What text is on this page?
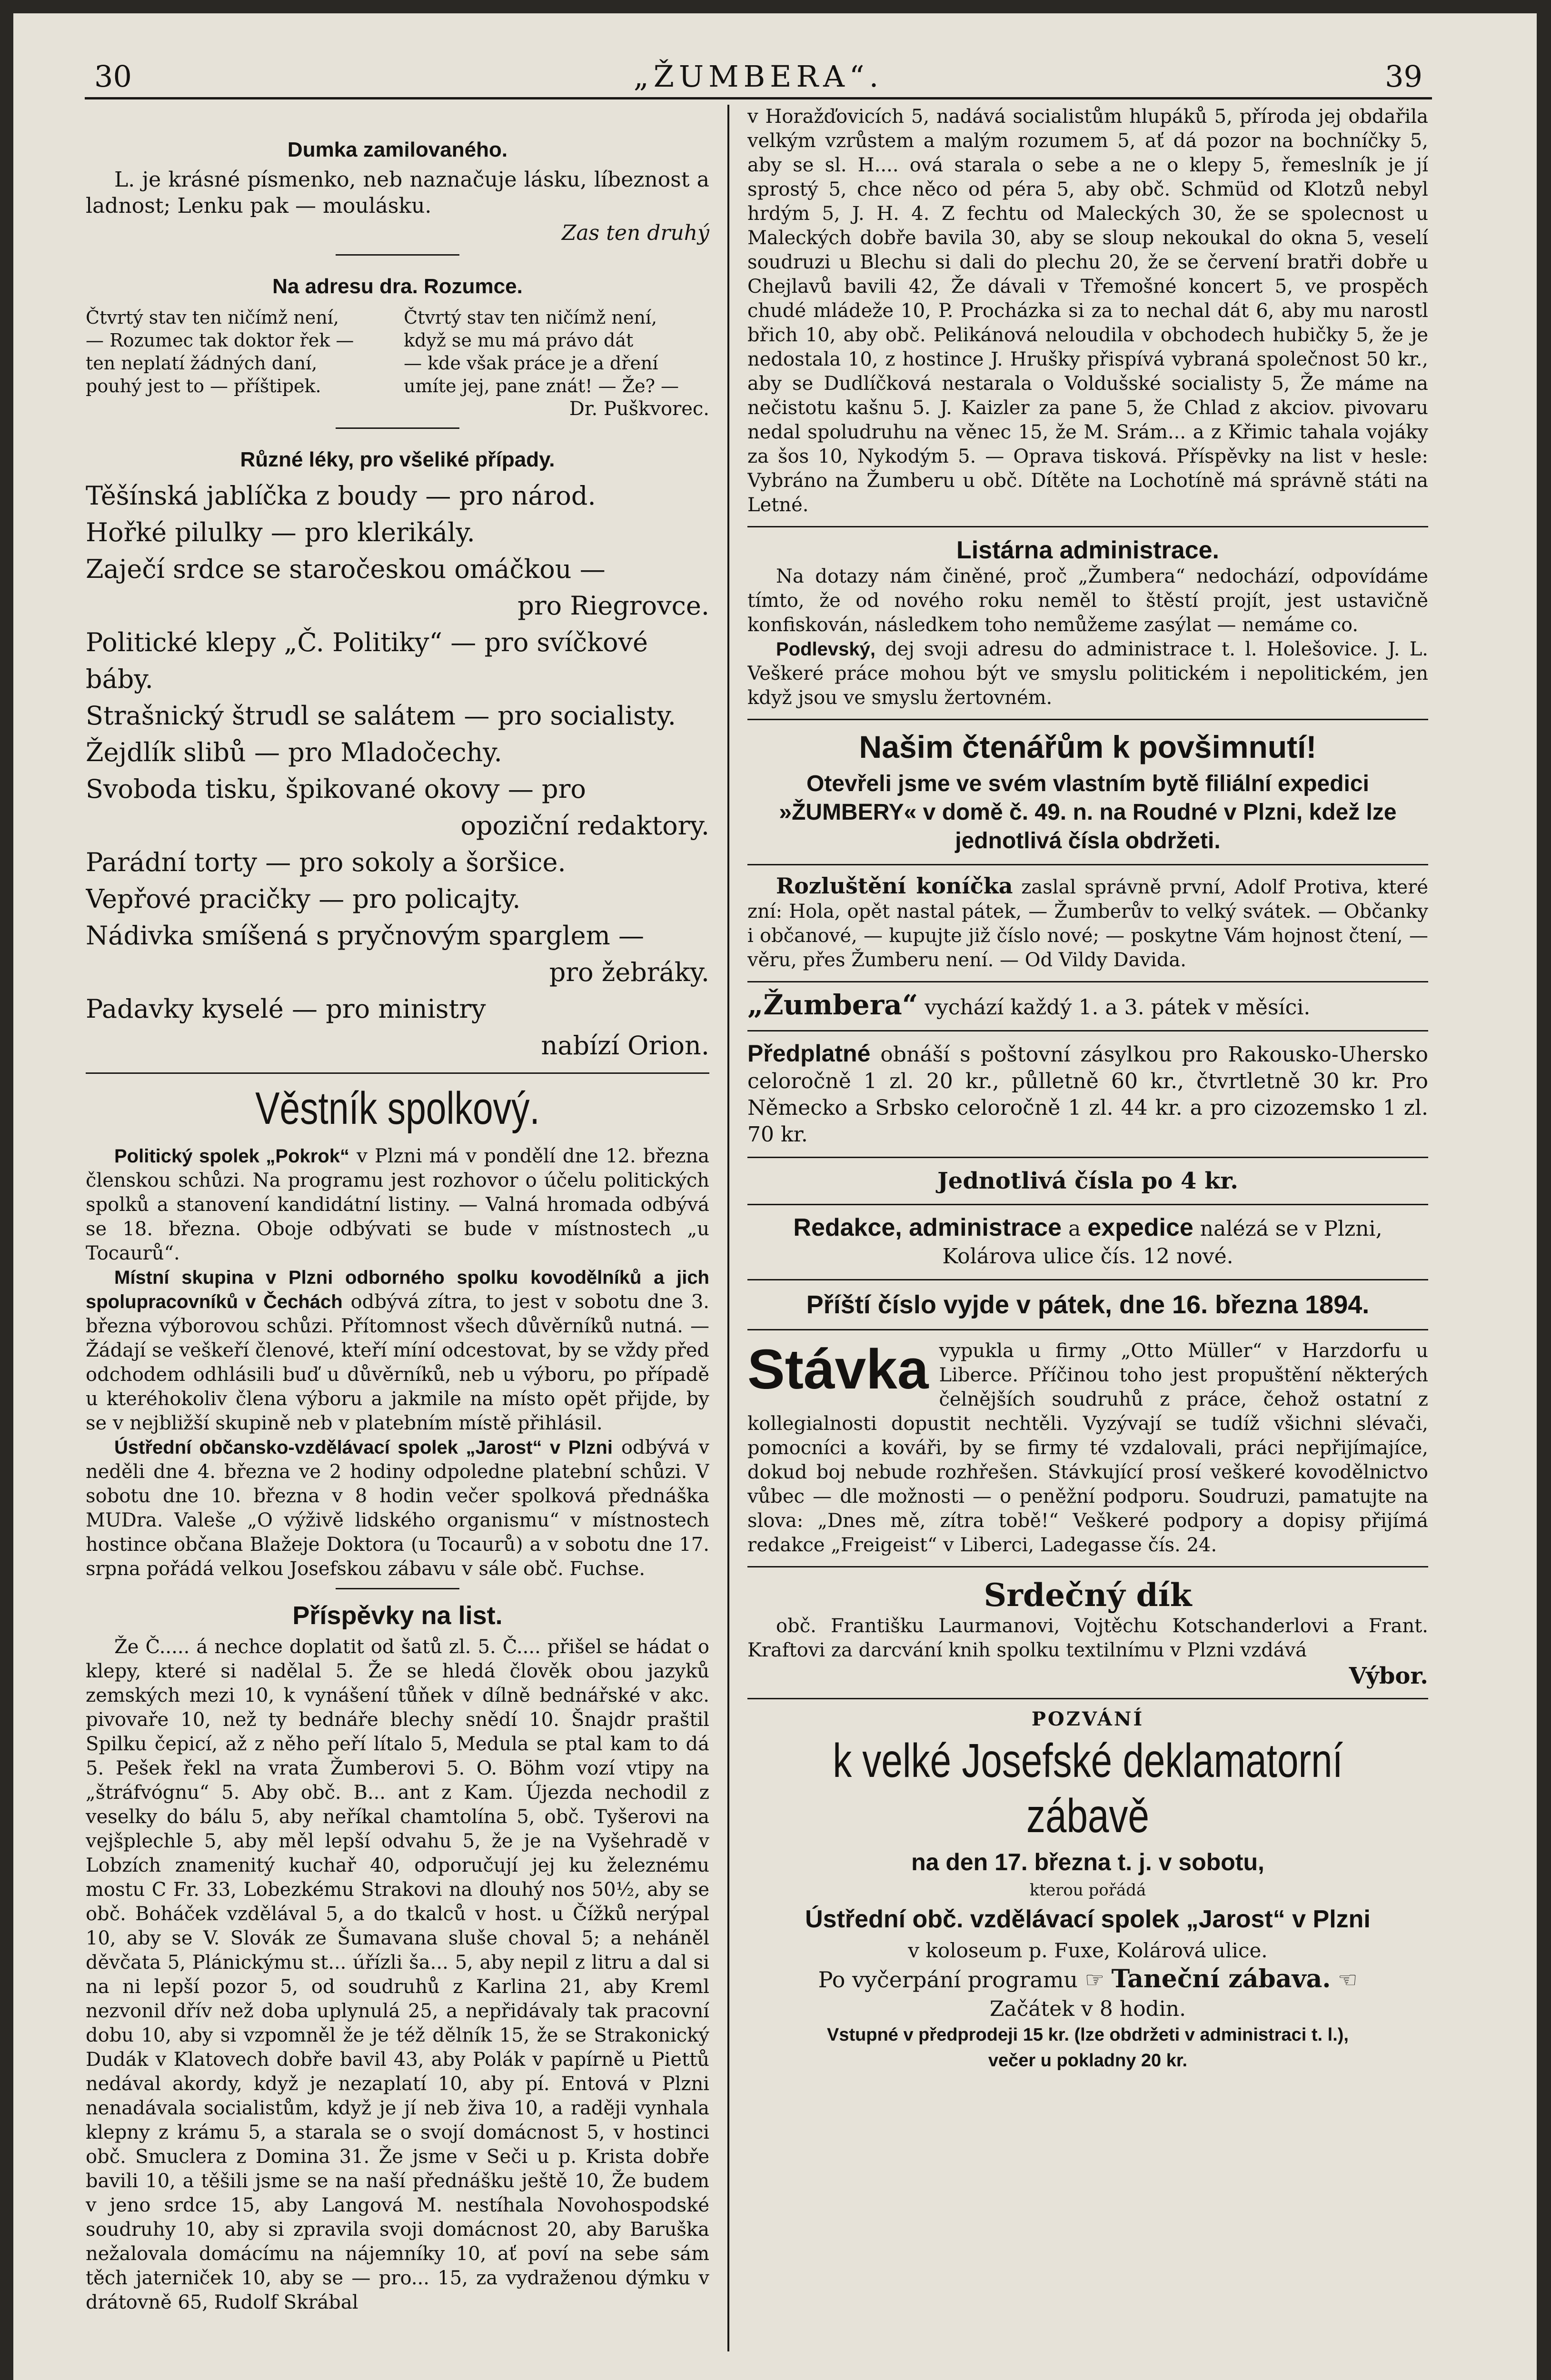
30	„ŽUMBERA“.	39
Dumka zamilovaného.

L. je krásné písmenko, neb naznačuje lásku, líbeznost a ladnost; Lenku pak — moulásku.

Zas ten druhý

Na adresu dra. Rozumce.
Čtvrtý stav ten ničímž není,
— Rozumec tak doktor řek —
ten neplatí žádných daní,
pouhý jest to — příštipek.
Čtvrtý stav ten ničímž není,
když se mu má právo dát
— kde však práce je a dření
umíte jej, pane znát! — Že? —

Dr. Puškvorec.

Různé léky, pro všeliké případy.

Těšínská jablíčka z boudy — pro národ.

Hořké pilulky — pro klerikály.

Zaječí srdce se staročeskou omáčkou —

pro Riegrovce.

Politické klepy „Č. Politiky“ — pro svíčkové báby.

Strašnický štrudl se salátem — pro socialisty.

Žejdlík slibů — pro Mladočechy.

Svoboda tisku, špikované okovy — pro

opoziční redaktory.

Parádní torty — pro sokoly a šoršice.

Vepřové pracičky — pro policajty.

Nádivka smíšená s pryčnovým sparglem —

pro žebráky.

Padavky kyselé — pro ministry

nabízí Orion.

Věstník spolkový.

Politický spolek „Pokrok“ v Plzni má v pondělí dne 12. března členskou schůzi. Na programu jest rozhovor o účelu politických spolků a stanovení kandidátní listiny. — Valná hromada odbývá se 18. března. Oboje odbývati se bude v místnostech „u Tocaurů“.

Místní skupina v Plzni odborného spolku kovodělníků a jich spolupracovníků v Čechách odbývá zítra, to jest v sobotu dne 3. března výborovou schůzi. Přítomnost všech důvěrníků nutná. — Žádají se veškeří členové, kteří míní odcestovat, by se vždy před odchodem odhlásili buď u důvěrníků, neb u výboru, po případě u kteréhokoliv člena výboru a jakmile na místo opět přijde, by se v nejbližší skupině neb v platebním místě přihlásil.

Ústřední občansko-vzdělávací spolek „Jarost“ v Plzni odbývá v neděli dne 4. března ve 2 hodiny odpoledne platební schůzi. V sobotu dne 10. března v 8 hodin večer spolková přednáška MUDra. Valeše „O výživě lidského organismu“ v místnostech hostince občana Blažeje Doktora (u Tocaurů) a v sobotu dne 17. srpna pořádá velkou Josefskou zábavu v sále obč. Fuchse.

Příspěvky na list.

Že Č..... á nechce doplatit od šatů zl. 5. Č.... přišel se hádat o klepy, které si nadělal 5. Že se hledá člověk obou jazyků zemských mezi 10, k vynášení tůňek v dílně bednářské v akc. pivovaře 10, než ty bednáře blechy snědí 10. Šnajdr praštil Spilku čepicí, až z něho peří lítalo 5, Medula se ptal kam to dá 5. Pešek řekl na vrata Žumberovi 5. O. Böhm vozí vtipy na „štráfvógnu“ 5. Aby obč. B... ant z Kam. Újezda nechodil z veselky do bálu 5, aby neříkal chamtolína 5, obč. Tyšerovi na vejšplechle 5, aby měl lepší odvahu 5, že je na Vyšehradě v Lobzích znamenitý kuchař 40, odporučují jej ku železnému mostu C Fr. 33, Lobezkému Strakovi na dlouhý nos 50½, aby se obč. Boháček vzdělával 5, a do tkalců v host. u Čížků nerýpal 10, aby se V. Slovák ze Šumavana sluše choval 5; a neháněl děvčata 5, Plánickýmu st... úřízli ša... 5, aby nepil z litru a dal si na ni lepší pozor 5, od soudruhů z Karlina 21, aby Kreml nezvonil dřív než doba uplynulá 25, a nepřidávaly tak pracovní dobu 10, aby si vzpomněl že je též dělník 15, že se Strakonický Dudák v Klatovech dobře bavil 43, aby Polák v papírně u Piettů nedával akordy, když je nezaplatí 10, aby pí. Entová v Plzni nenadávala socialistům, když je jí neb živa 10, a raději vynhala klepny z krámu 5, a starala se o svojí domácnost 5, v hostinci obč. Smuclera z Domina 31. Že jsme v Seči u p. Krista dobře bavili 10, a těšili jsme se na naší přednášku ještě 10, Že budem v jeno srdce 15, aby Langová M. nestíhala Novohospodské soudruhy 10, aby si zpravila svoji domácnost 20, aby Baruška nežalovala domácímu na nájemníky 10, ať poví na sebe sám těch jaterniček 10, aby se — pro... 15, za vydraženou dýmku v drátovně 65, Rudolf Skrábal

v Horažďovicích 5, nadává socialistům hlupáků 5, příroda jej obdařila velkým vzrůstem a malým rozumem 5, ať dá pozor na bochníčky 5, aby se sl. H.... ová starala o sebe a ne o klepy 5, řemeslník je jí sprostý 5, chce něco od péra 5, aby obč. Schmüd od Klotzů nebyl hrdým 5, J. H. 4. Z fechtu od Maleckých 30, že se spolecnost u Maleckých dobře bavila 30, aby se sloup nekoukal do okna 5, veselí soudruzi u Blechu si dali do plechu 20, že se červení bratři dobře u Chejlavů bavili 42, Že dávali v Třemošné koncert 5, ve prospěch chudé mládeže 10, P. Procházka si za to nechal dát 6, aby mu narostl břich 10, aby obč. Pelikánová neloudila v obchodech hubičky 5, že je nedostala 10, z hostince J. Hrušky přispívá vybraná společnost 50 kr., aby se Dudlíčková nestarala o Voldušské socialisty 5, Že máme na nečistotu kašnu 5. J. Kaizler za pane 5, že Chlad z akciov. pivovaru nedal spoludruhu na věnec 15, že M. Srám... a z Křimic tahala vojáky za šos 10, Nykodým 5. — Oprava tisková. Příspěvky na list v hesle: Vybráno na Žumberu u obč. Dítěte na Lochotíně má správně státi na Letné.

Listárna administrace.

Na dotazy nám činěné, proč „Žumbera“ nedochází, odpovídáme tímto, že od nového roku neměl to štěstí projít, jest ustavičně konfiskován, následkem toho nemůžeme zasýlat — nemáme co.

Podlevský, dej svoji adresu do administrace t. l. Holešovice. J. L. Veškeré práce mohou být ve smyslu politickém i nepolitickém, jen když jsou ve smyslu žertovném.

Našim čtenářům k povšimnutí!

Otevřeli jsme ve svém vlastním bytě filiální expedici »ŽUMBERY« v domě č. 49. n. na Roudné v Plzni, kdež lze jednotlivá čísla obdržeti.

Rozluštění koníčka zaslal správně první, Adolf Protiva, které zní: Hola, opět nastal pátek, — Žumberův to velký svátek. — Občanky i občanové, — kupujte již číslo nové; — poskytne Vám hojnost čtení, — věru, přes Žumberu není. — Od Vildy Davida.

„Žumbera“ vychází každý 1. a 3. pátek v měsíci.

Předplatné obnáší s poštovní zásylkou pro Rakousko-Uhersko celoročně 1 zl. 20 kr., půlletně 60 kr., čtvrtletně 30 kr. Pro Německo a Srbsko celoročně 1 zl. 44 kr. a pro cizozemsko 1 zl. 70 kr.

Jednotlivá čísla po 4 kr.

Redakce, administrace a expedice nalézá se v Plzni, Kolárova ulice čís. 12 nové.

Příští číslo vyjde v pátek, dne 16. března 1894.

Stávka vypukla u firmy „Otto Müller“ v Harzdorfu u Liberce. Příčinou toho jest propuštění některých čelnějších soudruhů z práce, čehož ostatní z kollegialnosti dopustit nechtěli. Vyzývají se tudíž všichni slévači, pomocníci a kováři, by se firmy té vzdalovali, práci nepřijímajíce, dokud boj nebude rozhřešen. Stávkující prosí veškeré kovodělnictvo vůbec — dle možnosti — o peněžní podporu. Soudruzi, pamatujte na slova: „Dnes mě, zítra tobě!“ Veškeré podpory a dopisy přijímá redakce „Freigeist“ v Liberci, Ladegasse čís. 24.

Srdečný dík

obč. Františku Laurmanovi, Vojtěchu Kotschanderlovi a Frant. Kraftovi za darcvání knih spolku textilnímu v Plzni vzdává

Výbor.

POZVÁNÍ

k velké Josefské deklamatorní zábavě

na den 17. března t. j. v sobotu,

kterou pořádá

Ústřední obč. vzdělávací spolek „Jarost“ v Plzni

v koloseum p. Fuxe, Kolárová ulice.

Po vyčerpání programu ☞ Taneční zábava. ☜

Začátek v 8 hodin.

Vstupné v předprodeji 15 kr. (lze obdržeti v administraci t. l.),

večer u pokladny 20 kr.
